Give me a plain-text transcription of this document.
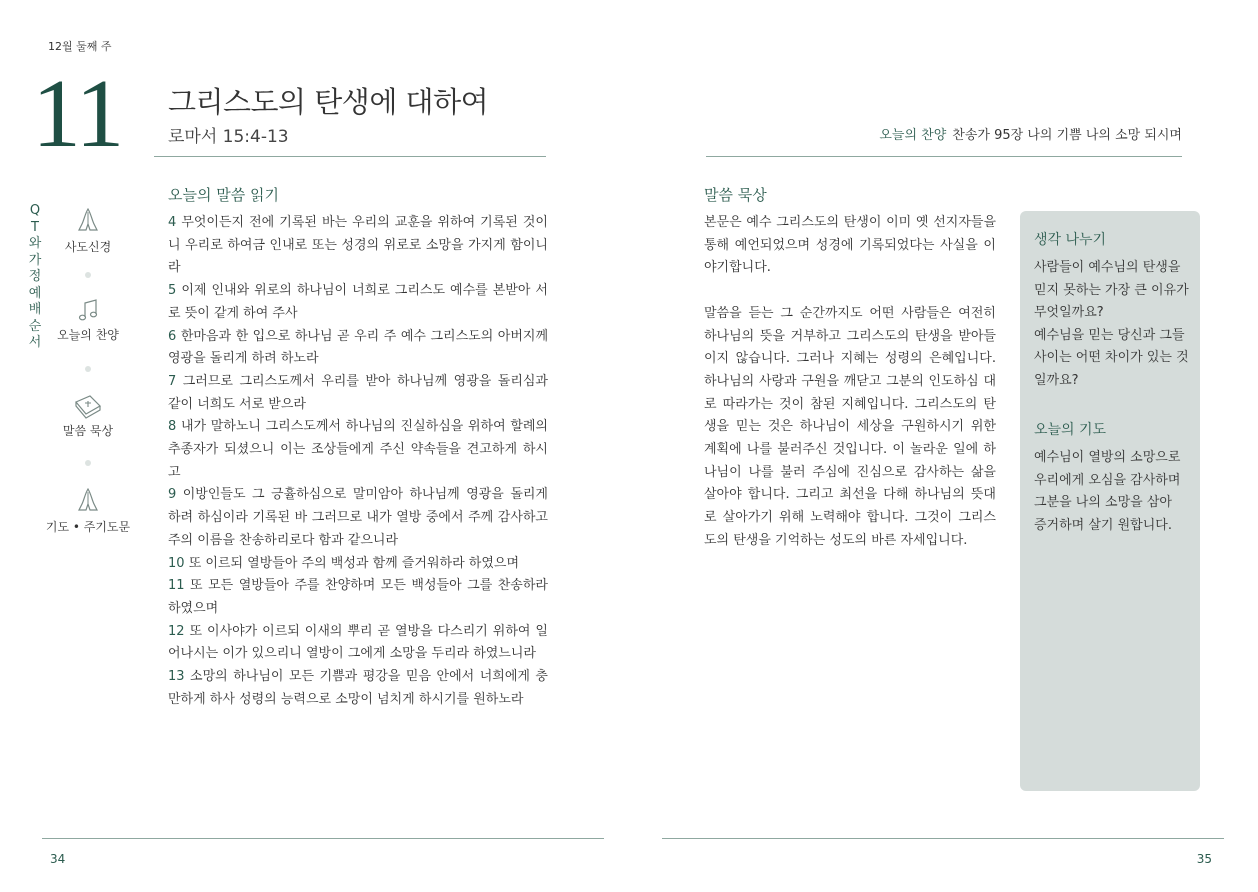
12월 둘째 주
11 그리스도의 탄생에 대하여
로마서 15:4-13	오늘의 찬양 찬송가 95장 나의 기쁨 나의 소망 되시며
QT와 가정예배 순서
사도신경
오늘의 찬양
말씀 묵상
기도 • 주기도문
오늘의 말씀 읽기

4 무엇이든지 전에 기록된 바는 우리의 교훈을 위하여 기록된 것이니 우리로 하여금 인내로 또는 성경의 위로로 소망을 가지게 함이니라

5 이제 인내와 위로의 하나님이 너희로 그리스도 예수를 본받아 서로 뜻이 같게 하여 주사

6 한마음과 한 입으로 하나님 곧 우리 주 예수 그리스도의 아버지께 영광을 돌리게 하려 하노라

7 그러므로 그리스도께서 우리를 받아 하나님께 영광을 돌리심과 같이 너희도 서로 받으라

8 내가 말하노니 그리스도께서 하나님의 진실하심을 위하여 할례의 추종자가 되셨으니 이는 조상들에게 주신 약속들을 견고하게 하시고

9 이방인들도 그 긍휼하심으로 말미암아 하나님께 영광을 돌리게 하려 하심이라 기록된 바 그러므로 내가 열방 중에서 주께 감사하고 주의 이름을 찬송하리로다 함과 같으니라

10 또 이르되 열방들아 주의 백성과 함께 즐거워하라 하였으며

11 또 모든 열방들아 주를 찬양하며 모든 백성들아 그를 찬송하라 하였으며

12 또 이사야가 이르되 이새의 뿌리 곧 열방을 다스리기 위하여 일어나시는 이가 있으리니 열방이 그에게 소망을 두리라 하였느니라

13 소망의 하나님이 모든 기쁨과 평강을 믿음 안에서 너희에게 충만하게 하사 성령의 능력으로 소망이 넘치게 하시기를 원하노라

말씀 묵상

본문은 예수 그리스도의 탄생이 이미 옛 선지자들을 통해 예언되었으며 성경에 기록되었다는 사실을 이야기합니다.

말씀을 듣는 그 순간까지도 어떤 사람들은 여전히 하나님의 뜻을 거부하고 그리스도의 탄생을 받아들이지 않습니다. 그러나 지혜는 성령의 은혜입니다. 하나님의 사랑과 구원을 깨닫고 그분의 인도하심 대로 따라가는 것이 참된 지혜입니다. 그리스도의 탄생을 믿는 것은 하나님이 세상을 구원하시기 위한 계획에 나를 불러주신 것입니다. 이 놀라운 일에 하나님이 나를 불러 주심에 진심으로 감사하는 삶을 살아야 합니다. 그리고 최선을 다해 하나님의 뜻대로 살아가기 위해 노력해야 합니다. 그것이 그리스도의 탄생을 기억하는 성도의 바른 자세입니다.

생각 나누기
사람들이 예수님의 탄생을
믿지 못하는 가장 큰 이유가
무엇일까요?
예수님을 믿는 당신과 그들
사이는 어떤 차이가 있는 것
일까요?
오늘의 기도
예수님이 열방의 소망으로
우리에게 오심을 감사하며
그분을 나의 소망을 삼아
증거하며 살기 원합니다.
34	35
